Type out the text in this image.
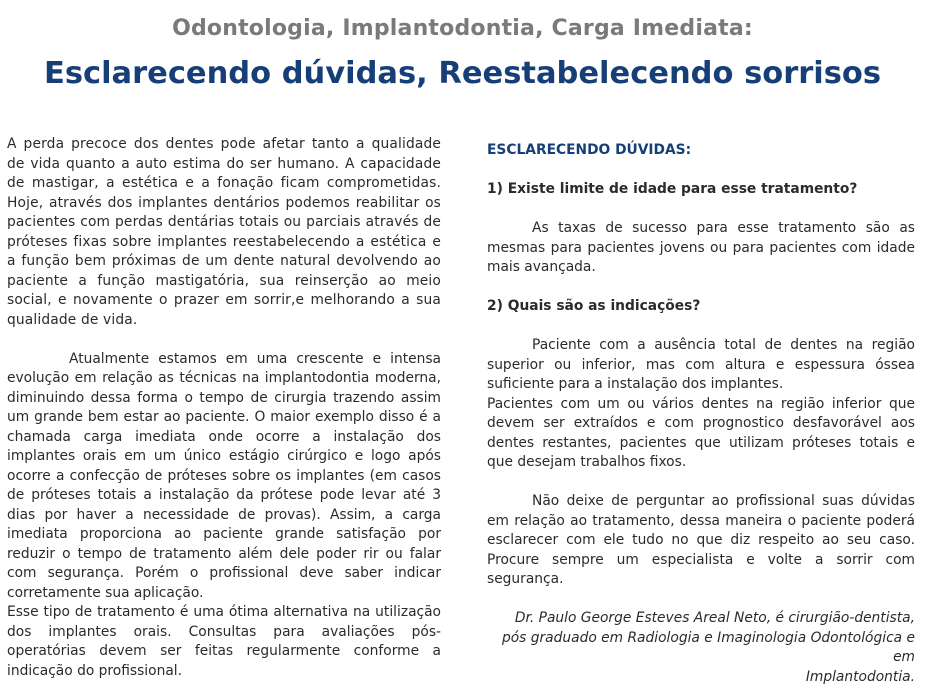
Odontologia, Implantodontia, Carga Imediata:
Esclarecendo dúvidas, Reestabelecendo sorrisos

A perda precoce dos dentes pode afetar tanto a qualidade de vida quanto a auto estima do ser humano. A capacidade de mastigar, a estética e a fonação ficam comprometidas. Hoje, através dos implantes dentários podemos reabilitar os pacientes com perdas dentárias totais ou parciais através de próteses fixas sobre implantes reestabelecendo a estética e a função bem próximas de um dente natural devolvendo ao paciente a função mastigatória, sua reinserção ao meio social, e novamente o prazer em sorrir,e melhorando a sua qualidade de vida.

Atualmente estamos em uma crescente e intensa evolução em relação as técnicas na implantodontia moderna, diminuindo dessa forma o tempo de cirurgia trazendo assim um grande bem estar ao paciente. O maior exemplo disso é a chamada carga imediata onde ocorre a instalação dos implantes orais em um único estágio cirúrgico e logo após ocorre a confecção de próteses sobre os implantes (em casos de próteses totais a instalação da prótese pode levar até 3 dias por haver a necessidade de provas). Assim, a carga imediata proporciona ao paciente grande satisfação por reduzir o tempo de tratamento além dele poder rir ou falar com segurança. Porém o profissional deve saber indicar corretamente sua aplicação.

Esse tipo de tratamento é uma ótima alternativa na utilização dos implantes orais. Consultas para avaliações pós-operatórias devem ser feitas regularmente conforme a indicação do profissional.

ESCLARECENDO DÚVIDAS:

1) Existe limite de idade para esse tratamento?

As taxas de sucesso para esse tratamento são as mesmas para pacientes jovens ou para pacientes com idade mais avançada.

2) Quais são as indicações?

Paciente com a ausência total de dentes na região superior ou inferior, mas com altura e espessura óssea suficiente para a instalação dos implantes.

Pacientes com um ou vários dentes na região inferior que devem ser extraídos e com prognostico desfavorável aos dentes restantes, pacientes que utilizam próteses totais e que desejam trabalhos fixos.

Não deixe de perguntar ao profissional suas dúvidas em relação ao tratamento, dessa maneira o paciente poderá esclarecer com ele tudo no que diz respeito ao seu caso. Procure sempre um especialista e volte a sorrir com segurança.

Dr. Paulo George Esteves Areal Neto, é cirurgião-dentista,

pós graduado em Radiologia e Imaginologia Odontológica e em

Implantodontia.
